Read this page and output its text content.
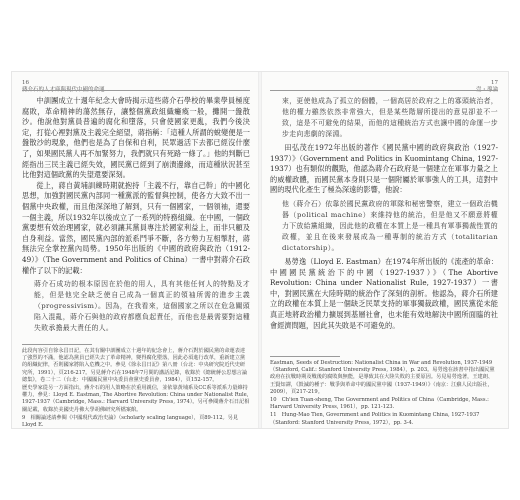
16

中訓團成立十週年紀念大會時揭示這些蔣介石學校的畢業學員極度腐敗，革命精神的蕩然無存，讓整個黨政組織癱瘓一般，攤開一盤散沙。他說他對黨員普遍的腐化和墮落，只會使國家更亂，我們今後決定，打從心裡對黨及主義完全絕望，蔣指稱：「這種人所謂的蛻變便是一盤散沙的現象，他們也是為了自保和自利，民眾過活下去都已經沒什麼了，如果國民黨人再不加緊努力，我們就只有死路一條了。」他的判斷已經指出三民主義已經失效，國民黨已經到了崩潰邊緣，而這種狀況甚至比他對這個政黨的失望還要深刻。

從上，蔣自黃埔訓練時期就抱持「主義不行，靠自己幹」的中國化思想，加強對國民黨內部同一種黨派的監督與控制，使各方大致不出一個黨中央政權，而且他深深地了解到，只有一個國家，一個領袖，還要一個主義，所以1932年以後成立了一系列的特務組織。在中國，一個政黨要想有效治理國家，就必須讓其黨員專注於國家利益上，而非只顧及自身利益。當然，國民黨內部的派系鬥爭不斷，各方勢力互相掣肘，蔣無法完全掌控黨內局勢。1950年出版的《中國的政府與政治（1912-49）》（The Government and Politics of China）一書中對蔣介石政權作了以下的記載：

蔣介石成功的根本原因在於他的用人，具有其他任何人的特點及才能，但是他完全缺乏使自己成為一個真正的領袖所需的進步主義（progressivism）。因為，在我看來，這個國家之所以在危急關頭陷入混亂，蔣介石與他的政府都應負起責任，而他也是最需要對這種失敗承擔最大責任的人。

此段內容引自徐永昌日記，在其有關中訓團成立十週年的紀念會上，蔣介石對於國民黨的命運表達了強烈的不滿，他認為黨員已經失去了革命精神，變得腐化墮落，因此必須進行改革，重新建立黨的組織紀律，否則國家將陷入危機之中。參見《徐永昌日記》第八冊（台北：中央研究院近代史研究所，1991），頁216-217。另見蔣介石在1948年7月間的講話記錄，收錄於《總統蔣公思想言論總集》，卷二十二（台北：中國國民黨中央委員會黨史委員會，1984），頁152-157。

歷史學家從另一方面指出，蔣介石的用人策略在於重用親信，並依靠黃埔系及CC系等派系力量維持權力，參見：Lloyd E. Eastman, The Abortive Revolution: China under Nationalist Rule, 1927-1937（Cambridge, Mass.: Harvard University Press, 1974）。另可參閱蔣介石日記相關記載，收錄於美國史丹佛大學胡佛研究所檔案館。

9　相關論述請參閱《中國現代政治史論》（scholarly scaling language），頁89-112。另見 Lloyd E.

17
來，更使他成為了孤立的個體，一個高居於政府之上的寡頭統治者，他的權力雖然依然非常強大，但是某些階層所提出的意見卻並不一致，這是不可避免的結果，而他的這種統治方式也讓中國的命運一步步走向悲劇的深淵。

田弘茂在1972年出版的著作《國民黨中國的政府與政治（1927-1937）》（Government and Politics in Kuomintang China, 1927-1937）也有類似的觀點，他認為蔣介石政府是一個建立在軍事力量之上的威權政體，而國民黨本身則只是一個附屬於軍事強人的工具，這對中國的現代化產生了極為深遠的影響，他說：

他（蔣介石）依靠於國民黨政府的軍隊和秘密警察，建立一個政治機器（political machine）來維持他的統治，但是他又不願意將權力下放給黨組織，因此他的政權在本質上是一種具有軍事獨裁性質的政權，並且在後來發展成為一種專制的統治方式（totalitarian dictatorship）。

易勞逸（Lloyd E. Eastman）在1974年所出版的《流產的革命：中國國民黨統治下的中國（1927-1937）》（The Abortive Revolution: China under Nationalist Rule, 1927-1937）一書中，對國民黨在大陸時期的統治作了深刻的剖析。他認為，蔣介石所建立的政權在本質上是一個缺乏民眾支持的軍事獨裁政權，國民黨從未能真正地將政治權力擴展到基層社會，也未能有效地解決中國所面臨的社會經濟問題，因此其失敗是不可避免的。

Eastman, Seeds of Destruction: Nationalist China in War and Revolution, 1937-1949（Stanford, Calif.: Stanford University Press, 1984），p. 203。易勞逸在該書中指出國民黨政府在抗戰時期及戰後的腐敗與無能，是導致其在大陸失敗的主要原因。另見易勞逸著，王建朗、王賢知譯，《毀滅的種子：戰爭與革命中的國民黨中國（1937-1949）》（南京：江蘇人民出版社，2009），頁217-219。

10　Ch'ien Tuan-sheng, The Government and Politics of China（Cambridge, Mass.: Harvard University Press, 1961），pp. 121-123.

11　Hung-Mao Tien, Government and Politics in Kuomintang China, 1927-1937（Stanford: Stanford University Press, 1972），pp. 3-4.
